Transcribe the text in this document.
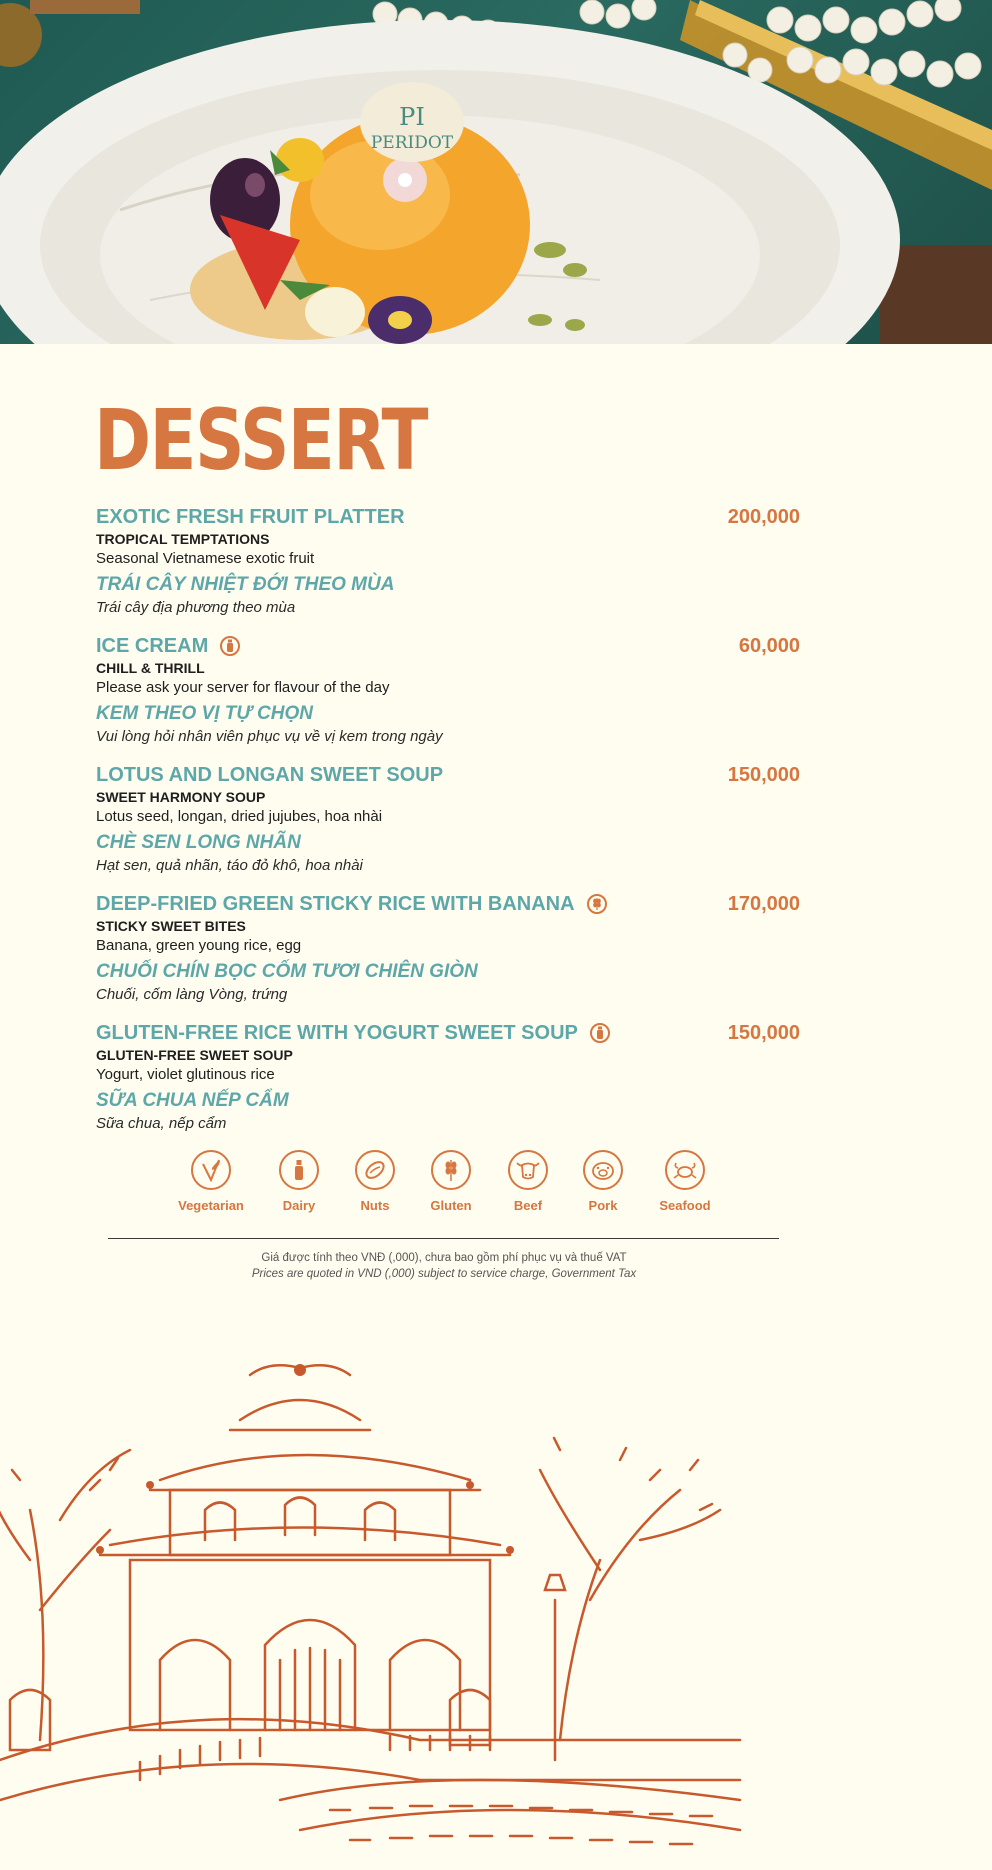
PI
PERIDOT
DESSERT
EXOTIC FRESH FRUIT PLATTER	200,000
TROPICAL TEMPTATIONS
Seasonal Vietnamese exotic fruit
TRÁI CÂY NHIỆT ĐỚI THEO MÙA
Trái cây địa phương theo mùa
ICE CREAM	60,000
CHILL & THRILL
Please ask your server for flavour of the day
KEM THEO VỊ TỰ CHỌN
Vui lòng hỏi nhân viên phục vụ về vị kem trong ngày
LOTUS AND LONGAN SWEET SOUP	150,000
SWEET HARMONY SOUP
Lotus seed, longan, dried jujubes, hoa nhài
CHÈ SEN LONG NHÃN
Hạt sen, quả nhãn, táo đỏ khô, hoa nhài
DEEP-FRIED GREEN STICKY RICE WITH BANANA	170,000
STICKY SWEET BITES
Banana, green young rice, egg
CHUỐI CHÍN BỌC CỐM TƯƠI CHIÊN GIÒN
Chuối, cốm làng Vòng, trứng
GLUTEN-FREE RICE WITH YOGURT SWEET SOUP	150,000
GLUTEN-FREE SWEET SOUP
Yogurt, violet glutinous rice
SỮA CHUA NẾP CẨM
Sữa chua, nếp cẩm
Vegetarian	Dairy	Nuts	Gluten	Beef	Pork	Seafood
Giá được tính theo VNĐ (,000), chưa bao gồm phí phục vụ và thuế VAT
Prices are quoted in VND (,000) subject to service charge, Government Tax
